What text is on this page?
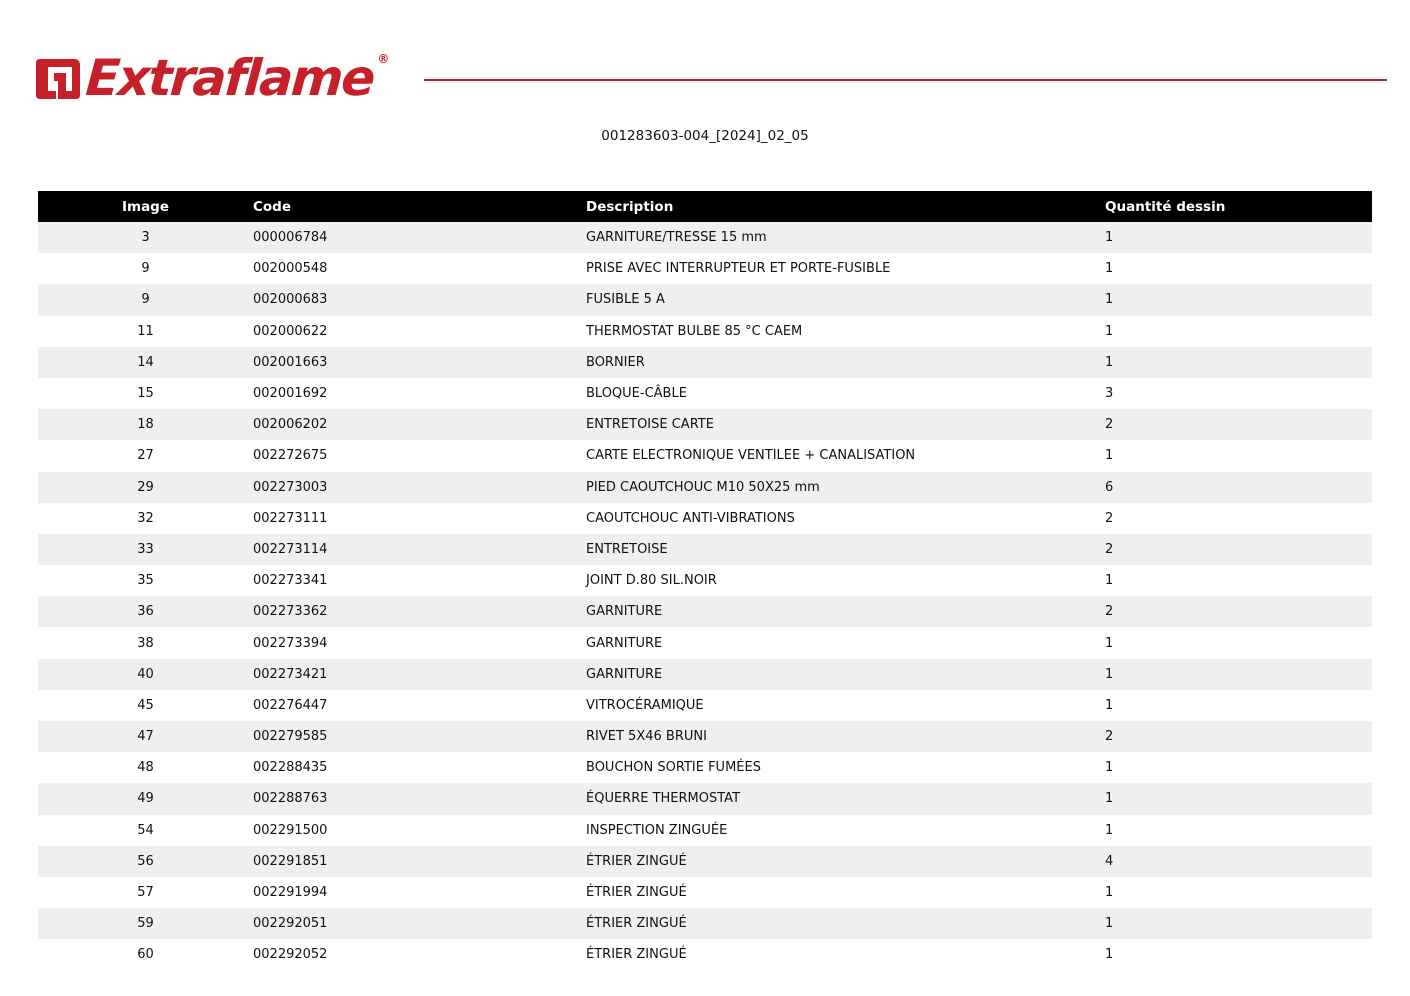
Extraflame ®
001283603-004_[2024]_02_05
Image	Code	Description	Quantité dessin
3	000006784	GARNITURE/TRESSE 15 mm	1
9	002000548	PRISE AVEC INTERRUPTEUR ET PORTE-FUSIBLE	1
9	002000683	FUSIBLE 5 A	1
11	002000622	THERMOSTAT BULBE 85 °C CAEM	1
14	002001663	BORNIER	1
15	002001692	BLOQUE-CÂBLE	3
18	002006202	ENTRETOISE CARTE	2
27	002272675	CARTE ELECTRONIQUE VENTILEE + CANALISATION	1
29	002273003	PIED CAOUTCHOUC M10 50X25 mm	6
32	002273111	CAOUTCHOUC ANTI-VIBRATIONS	2
33	002273114	ENTRETOISE	2
35	002273341	JOINT D.80 SIL.NOIR	1
36	002273362	GARNITURE	2
38	002273394	GARNITURE	1
40	002273421	GARNITURE	1
45	002276447	VITROCÉRAMIQUE	1
47	002279585	RIVET 5X46 BRUNI	2
48	002288435	BOUCHON SORTIE FUMÉES	1
49	002288763	ÉQUERRE THERMOSTAT	1
54	002291500	INSPECTION ZINGUÉE	1
56	002291851	ÉTRIER ZINGUÉ	4
57	002291994	ÉTRIER ZINGUÉ	1
59	002292051	ÉTRIER ZINGUÉ	1
60	002292052	ÉTRIER ZINGUÉ	1
